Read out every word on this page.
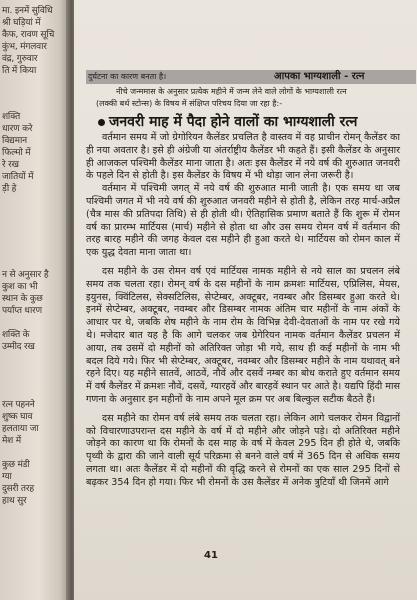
मा. इनमें सुविधि
श्री घड़ियां में
कैफ, रावण सूचि
कुंभ, मंगलवार
वंद्र, गुरुवार
ति में किया
शक्ति
धारण करे
विद्यमान
फिल्मो में
रे रख
जातियों में
ड़ी हे
न से अनुसार है
कुश का भी
स्थान के कुछ
पर्याप्त धारण
शक्ति के
उम्मीद रख
रत्न पहनने
शुष्क घाव
हलताया जा
मेश में
कुछ मंडी
ग्या
दुसरी तरह
हाथ सुर
दुर्घटना का कारण बनता है।	आपका भाग्यशाली - रत्न

नीचे जन्ममास के अनुसार प्रत्येक महीने में जन्म लेने वाले लोगों के भाग्यशाली रत्न

(लक्की बर्थ स्टोन्स) के विषय में संक्षिप्त परिचय दिया जा रहा है:-

जनवरी माह में पैदा होने वालों का भाग्यशाली रत्न

वर्तमान समय में जो ग्रेगोरियन कैलेंडर प्रचलित है वास्तव में वह प्राचीन रोमन् कैलेंडर का ही नया अवतार है। इसे ही अंग्रेजी या अंतर्राष्ट्रीय कैलेंडर भी कहते हैं। इसी कैलेंडर के अनुसार ही आजकल पश्चिमी कैलेंडर माना जाता है। अतः इस कैलेंडर में नये वर्ष की शुरुआत जनवरी के पहले दिन से होती है। इस कैलेंडर के विषय में भी थोड़ा जान लेना जरूरी है।

वर्तमान में पश्चिमी जगत् में नये वर्ष की शुरुआत मानी जाती है। एक समय था जब पश्चिमी जगत में भी नये वर्ष की शुरुआत जनवरी महीने से होती है, लेकिन तरह मार्च-अप्रैल (चैत्र मास की प्रतिपदा तिथि) से ही होती थी। ऐतिहासिक प्रमाण बताते हैं कि शुरू में रोमन वर्ष का प्रारम्भ मार्टियस (मार्च) महीने से होता था और उस समय रोमन वर्ष में वर्तमान की तरह बारह महीने की जगह केवल दस महीने ही हुआ करते थे। मार्टियस को रोमन काल में एक युद्ध देवता माना जाता था।

दस महीने के उस रोमन वर्ष एवं मार्टियस नामक महीने से नये साल का प्रचलन लंबे समय तक चलता रहा। रोमन् वर्ष के दस महीनों के नाम क्रमशः मार्टियस, एप्रिलिस, मेयस, इयुनस, क्विंटिलस, सेक्सटिलिस, सेप्टेम्बर, अक्टूबर, नवम्बर और डिसम्बर हुआ करते थे। इनमें सेप्टेम्बर, अक्टूबर, नवम्बर और डिसम्बर नामक अंतिम चार महीनों के नाम अंकों के आधार पर थे, जबकि शेष महीने के नाम रोम के विभिन्न देवी-देवताओं के नाम पर रखे गये थे। मजेदार बात यह है कि आगे चलकर जब ग्रेगेरियन नामक वर्तमान कैलेंडर प्रचलन में आया, तब उसमें दो महीनों को अतिरिक्त जोड़ा भी गये, साथ ही कई महीनों के नाम भी बदल दिये गये। फिर भी सेप्टेम्बर, अक्टूबर, नवम्बर और डिसम्बर महीने के नाम यथावत् बने रहने दिए। यह महीने सातवें, आठवें, नौवें और दसवें नम्बर का बोध कराते हुए वर्तमान समय में वर्ष कैलेंडर में क्रमशः नौवें, दसवें, ग्यारहवें और बारहवें स्थान पर आते है। यद्यपि हिंदी मास गणना के अनुसार इन महीनों के नाम अपने मूल क्रम पर अब बिल्कुल सटीक बैठते हैं।

दस महीने का रोमन वर्ष लंबे समय तक चलता रहा। लेकिन आगे चलकर रोमन विद्वानों को विचारणाउपरान्त दस महीने के वर्ष में दो महीने और जोड़ने पड़े। दो अतिरिक्त महीने जोड़ने का कारण था कि रोमनों के दस माह के वर्ष में केवल 295 दिन ही होते थे, जबकि पृथ्वी के द्वारा की जाने वाली सूर्य परिक्रमा से बनने वाले वर्ष में 365 दिन से अधिक समय लगता था। अतः कैलेंडर में दो महीनों की वृद्धि करने से रोमनों का एक साल 295 दिनों से बढ़कर 354 दिन हो गया। फिर भी रोमनों के उस कैलेंडर में अनेक त्रुटियाँ थी जिनमें आगे

41
